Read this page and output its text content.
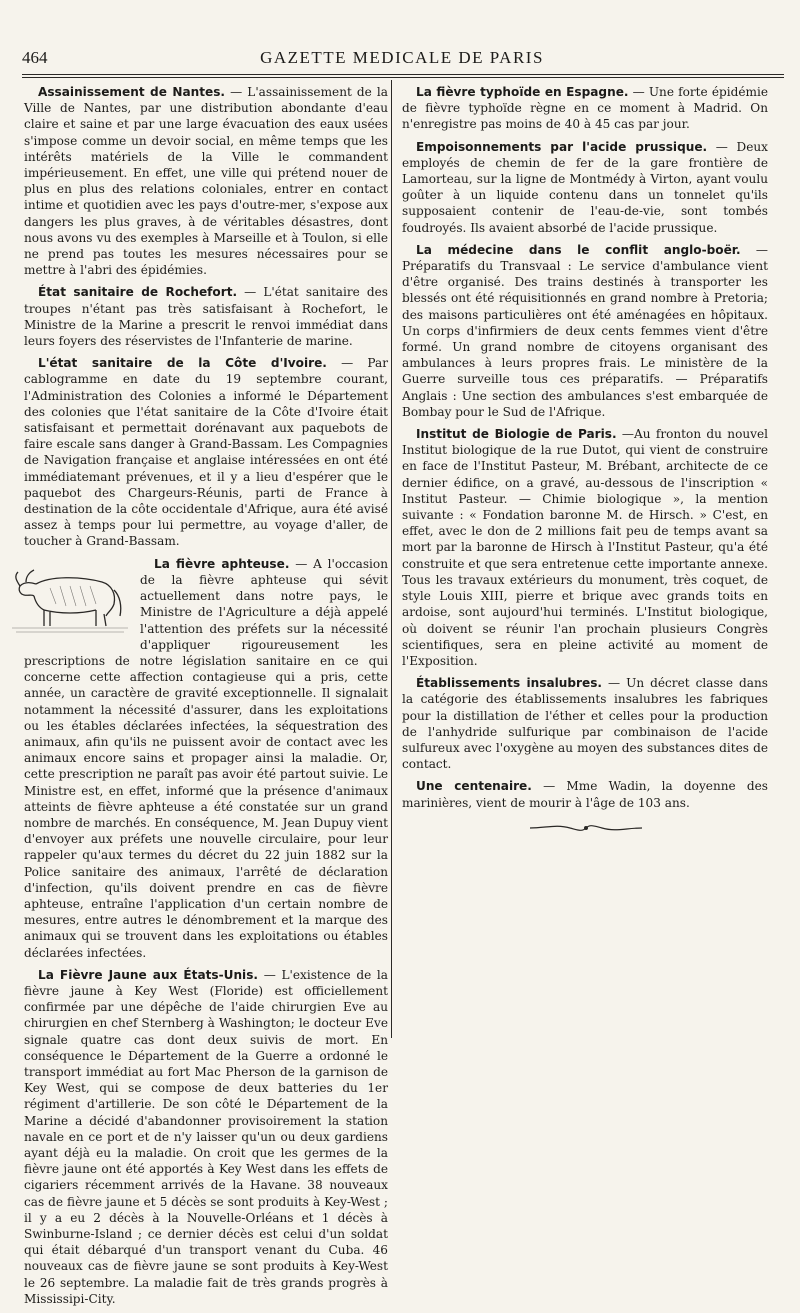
464	GAZETTE MEDICALE DE PARIS

Assainissement de Nantes. — L'assainissement de la Ville de Nantes, par une distribution abondante d'eau claire et saine et par une large évacuation des eaux usées s'impose comme un devoir social, en même temps que les intérêts matériels de la Ville le commandent impérieusement. En effet, une ville qui prétend nouer de plus en plus des relations coloniales, entrer en contact intime et quotidien avec les pays d'outre-mer, s'expose aux dangers les plus graves, à de véritables désastres, dont nous avons vu des exemples à Marseille et à Toulon, si elle ne prend pas toutes les mesures nécessaires pour se mettre à l'abri des épidémies.

État sanitaire de Rochefort. — L'état sanitaire des troupes n'étant pas très satisfaisant à Rochefort, le Ministre de la Marine a prescrit le renvoi immédiat dans leurs foyers des réservistes de l'Infanterie de marine.

L'état sanitaire de la Côte d'Ivoire. — Par cablogramme en date du 19 septembre courant, l'Administration des Colonies a informé le Département des colonies que l'état sanitaire de la Côte d'Ivoire était satisfaisant et permettait dorénavant aux paquebots de faire escale sans danger à Grand-Bassam. Les Compagnies de Navigation française et anglaise intéressées en ont été immédiatemant prévenues, et il y a lieu d'espérer que le paquebot des Chargeurs-Réunis, parti de France à destination de la côte occidentale d'Afrique, aura été avisé assez à temps pour lui permettre, au voyage d'aller, de toucher à Grand-Bassam.

La fièvre aphteuse. — A l'occasion de la fièvre aphteuse qui sévit actuellement dans notre pays, le Ministre de l'Agriculture a déjà appelé l'attention des préfets sur la nécessité d'appliquer rigoureusement les prescriptions de notre législation sanitaire en ce qui concerne cette affection contagieuse qui a pris, cette année, un caractère de gravité exceptionnelle. Il signalait notamment la nécessité d'assurer, dans les exploitations ou les étables déclarées infectées, la séquestration des animaux, afin qu'ils ne puissent avoir de contact avec les animaux encore sains et propager ainsi la maladie. Or, cette prescription ne paraît pas avoir été partout suivie. Le Ministre est, en effet, informé que la présence d'animaux atteints de fièvre aphteuse a été constatée sur un grand nombre de marchés. En conséquence, M. Jean Dupuy vient d'envoyer aux préfets une nouvelle circulaire, pour leur rappeler qu'aux termes du décret du 22 juin 1882 sur la Police sanitaire des animaux, l'arrêté de déclaration d'infection, qu'ils doivent prendre en cas de fièvre aphteuse, entraîne l'application d'un certain nombre de mesures, entre autres le dénombrement et la marque des animaux qui se trouvent dans les exploitations ou étables déclarées infectées.

La Fièvre Jaune aux États-Unis. — L'existence de la fièvre jaune à Key West (Floride) est officiellement confirmée par une dépêche de l'aide chirurgien Eve au chirurgien en chef Sternberg à Washington; le docteur Eve signale quatre cas dont deux suivis de mort. En conséquence le Département de la Guerre a ordonné le transport immédiat au fort Mac Pherson de la garnison de Key West, qui se compose de deux batteries du 1er régiment d'artillerie. De son côté le Département de la Marine a décidé d'abandonner provisoirement la station navale en ce port et de n'y laisser qu'un ou deux gardiens ayant déjà eu la maladie. On croit que les germes de la fièvre jaune ont été apportés à Key West dans les effets de cigariers récemment arrivés de la Havane. 38 nouveaux cas de fièvre jaune et 5 décès se sont produits à Key-West ; il y a eu 2 décès à la Nouvelle-Orléans et 1 décès à Swinburne-Island ; ce dernier décès est celui d'un soldat qui était débarqué d'un transport venant du Cuba. 46 nouveaux cas de fièvre jaune se sont produits à Key-West le 26 septembre. La maladie fait de très grands progrès à Mississipi-City.

La fièvre typhoïde en Espagne. — Une forte épidémie de fièvre typhoïde règne en ce moment à Madrid. On n'enregistre pas moins de 40 à 45 cas par jour.

Empoisonnements par l'acide prussique. — Deux employés de chemin de fer de la gare frontière de Lamorteau, sur la ligne de Montmédy à Virton, ayant voulu goûter à un liquide contenu dans un tonnelet qu'ils supposaient contenir de l'eau-de-vie, sont tombés foudroyés. Ils avaient absorbé de l'acide prussique.

La médecine dans le conflit anglo-boër. — Préparatifs du Transvaal : Le service d'ambulance vient d'être organisé. Des trains destinés à transporter les blessés ont été réquisitionnés en grand nombre à Pretoria; des maisons particulières ont été aménagées en hôpitaux. Un corps d'infirmiers de deux cents femmes vient d'être formé. Un grand nombre de citoyens organisant des ambulances à leurs propres frais. Le ministère de la Guerre surveille tous ces préparatifs. — Préparatifs Anglais : Une section des ambulances s'est embarquée de Bombay pour le Sud de l'Afrique.

Institut de Biologie de Paris. —Au fronton du nouvel Institut biologique de la rue Dutot, qui vient de construire en face de l'Institut Pasteur, M. Brébant, architecte de ce dernier édifice, on a gravé, au-dessous de l'inscription « Institut Pasteur. — Chimie biologique », la mention suivante : « Fondation baronne M. de Hirsch. » C'est, en effet, avec le don de 2 millions fait peu de temps avant sa mort par la baronne de Hirsch à l'Institut Pasteur, qu'a été construite et que sera entretenue cette importante annexe. Tous les travaux extérieurs du monument, très coquet, de style Louis XIII, pierre et brique avec grands toits en ardoise, sont aujourd'hui terminés. L'Institut biologique, où doivent se réunir l'an prochain plusieurs Congrès scientifiques, sera en pleine activité au moment de l'Exposition.

Établissements insalubres. — Un décret classe dans la catégorie des établissements insalubres les fabriques pour la distillation de l'éther et celles pour la production de l'anhydride sulfurique par combinaison de l'acide sulfureux avec l'oxygène au moyen des substances dites de contact.

Une centenaire. — Mme Wadin, la doyenne des marinières, vient de mourir à l'âge de 103 ans.
